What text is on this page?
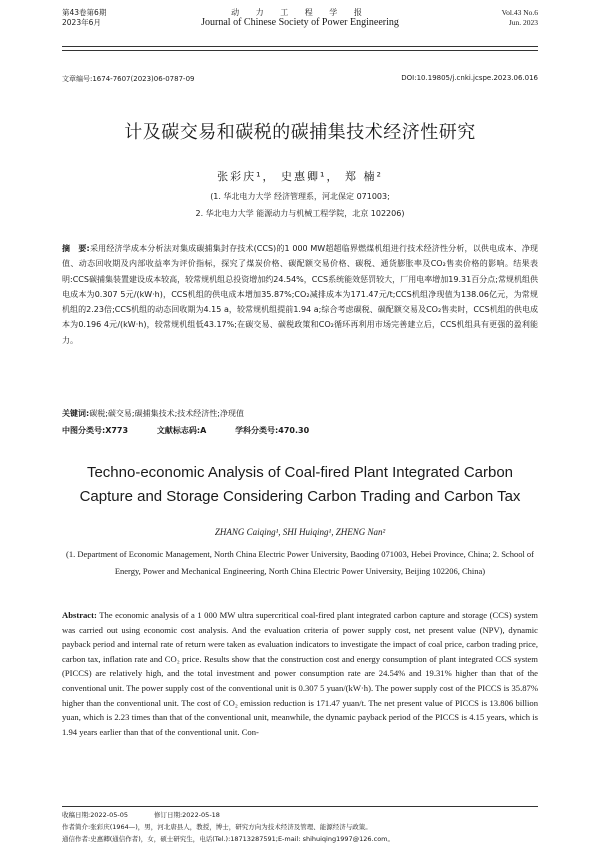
第43卷第6期
2023年6月
动 力 工 程 学 报
Journal of Chinese Society of Power Engineering
Vol.43 No.6
Jun. 2023
文章编号:1674-7607(2023)06-0787-09	DOI:10.19805/j.cnki.jcspe.2023.06.016
计及碳交易和碳税的碳捕集技术经济性研究
张彩庆¹， 史惠卿¹， 郑 楠²
(1. 华北电力大学 经济管理系，河北保定 071003;
2. 华北电力大学 能源动力与机械工程学院，北京 102206)
摘　要:采用经济学成本分析法对集成碳捕集封存技术(CCS)的1 000 MW超超临界燃煤机组进行技术经济性分析，以供电成本、净现值、动态回收期及内部收益率为评价指标，探究了煤炭价格、碳配额交易价格、碳税、通货膨胀率及CO₂售卖价格的影响。结果表明:CCS碳捕集装置建设成本较高，较常规机组总投资增加约24.54%，CCS系统能效惩罚较大，厂用电率增加19.31百分点;常规机组供电成本为0.307 5元/(kW·h)，CCS机组的供电成本增加35.87%;CO₂减排成本为171.47元/t;CCS机组净现值为138.06亿元，为常规机组的2.23倍;CCS机组的动态回收期为4.15 a，较常规机组提前1.94 a;综合考虑碳税、碳配额交易及CO₂售卖时，CCS机组的供电成本为0.196 4元/(kW·h)，较常规机组低43.17%;在碳交易、碳税政策和CO₂循环再利用市场完善建立后，CCS机组具有更强的盈利能力。
关键词:碳税;碳交易;碳捕集技术;技术经济性;净现值
中图分类号:X773	文献标志码:A	学科分类号:470.30
Techno-economic Analysis of Coal-fired Plant Integrated Carbon Capture and Storage Considering Carbon Trading and Carbon Tax
ZHANG Caiqing¹, SHI Huiqing¹, ZHENG Nan²
(1. Department of Economic Management, North China Electric Power University, Baoding 071003, Hebei Province, China; 2. School of Energy, Power and Mechanical Engineering, North China Electric Power University, Beijing 102206, China)
Abstract: The economic analysis of a 1 000 MW ultra supercritical coal-fired plant integrated carbon capture and storage (CCS) system was carried out using economic cost analysis. And the evaluation criteria of power supply cost, net present value (NPV), dynamic payback period and internal rate of return were taken as evaluation indicators to investigate the impact of coal price, carbon trading price, carbon tax, inflation rate and CO₂ price. Results show that the construction cost and energy consumption of plant integrated CCS system (PICCS) are relatively high, and the total investment and power consumption rate are 24.54% and 19.31% higher than that of the conventional unit. The power supply cost of the conventional unit is 0.307 5 yuan/(kW·h). The power supply cost of the PICCS is 35.87% higher than the conventional unit. The cost of CO₂ emission reduction is 171.47 yuan/t. The net present value of PICCS is 13.806 billion yuan, which is 2.23 times than that of the conventional unit, meanwhile, the dynamic payback period of the PICCS is 4.15 years, which is 1.94 years earlier than that of the conventional unit. Con-
收稿日期:2022-05-05	修订日期:2022-05-18
作者简介:张彩庆(1964—)，男，河北唐县人，教授，博士，研究方向为技术经济及管理、能源经济与政策。
通信作者:史惠卿(通信作者)，女，硕士研究生，电话(Tel.):18713287591;E-mail: shihuiqing1997@126.com。
